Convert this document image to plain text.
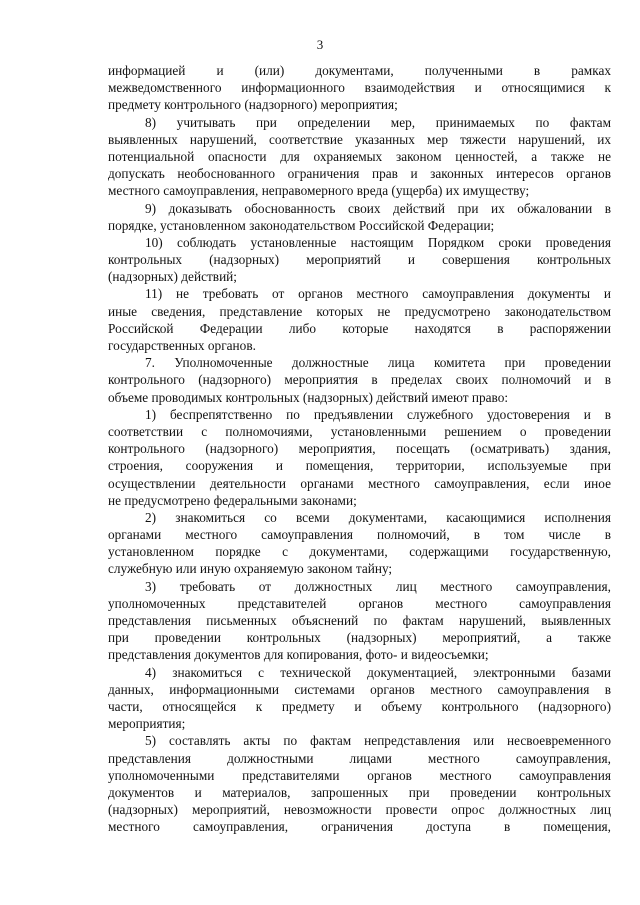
3
информацией и (или) документами, полученными в рамках
межведомственного информационного взаимодействия и относящимися к
предмету контрольного (надзорного) мероприятия;
8) учитывать при определении мер, принимаемых по фактам
выявленных нарушений, соответствие указанных мер тяжести нарушений, их
потенциальной опасности для охраняемых законом ценностей, а также не
допускать необоснованного ограничения прав и законных интересов органов
местного самоуправления, неправомерного вреда (ущерба) их имуществу;
9) доказывать обоснованность своих действий при их обжаловании в
порядке, установленном законодательством Российской Федерации;
10) соблюдать установленные настоящим Порядком сроки проведения
контрольных (надзорных) мероприятий и совершения контрольных
(надзорных) действий;
11) не требовать от органов местного самоуправления документы и
иные сведения, представление которых не предусмотрено законодательством
Российской Федерации либо которые находятся в распоряжении
государственных органов.
7. Уполномоченные должностные лица комитета при проведении
контрольного (надзорного) мероприятия в пределах своих полномочий и в
объеме проводимых контрольных (надзорных) действий имеют право:
1) беспрепятственно по предъявлении служебного удостоверения и в
соответствии с полномочиями, установленными решением о проведении
контрольного (надзорного) мероприятия, посещать (осматривать) здания,
строения, сооружения и помещения, территории, используемые при
осуществлении деятельности органами местного самоуправления, если иное
не предусмотрено федеральными законами;
2) знакомиться со всеми документами, касающимися исполнения
органами местного самоуправления полномочий, в том числе в
установленном порядке с документами, содержащими государственную,
служебную или иную охраняемую законом тайну;
3) требовать от должностных лиц местного самоуправления,
уполномоченных представителей органов местного самоуправления
представления письменных объяснений по фактам нарушений, выявленных
при проведении контрольных (надзорных) мероприятий, а также
представления документов для копирования, фото- и видеосъемки;
4) знакомиться с технической документацией, электронными базами
данных, информационными системами органов местного самоуправления в
части, относящейся к предмету и объему контрольного (надзорного)
мероприятия;
5) составлять акты по фактам непредставления или несвоевременного
представления должностными лицами местного самоуправления,
уполномоченными представителями органов местного самоуправления
документов и материалов, запрошенных при проведении контрольных
(надзорных) мероприятий, невозможности провести опрос должностных лиц
местного самоуправления, ограничения доступа в помещения,
